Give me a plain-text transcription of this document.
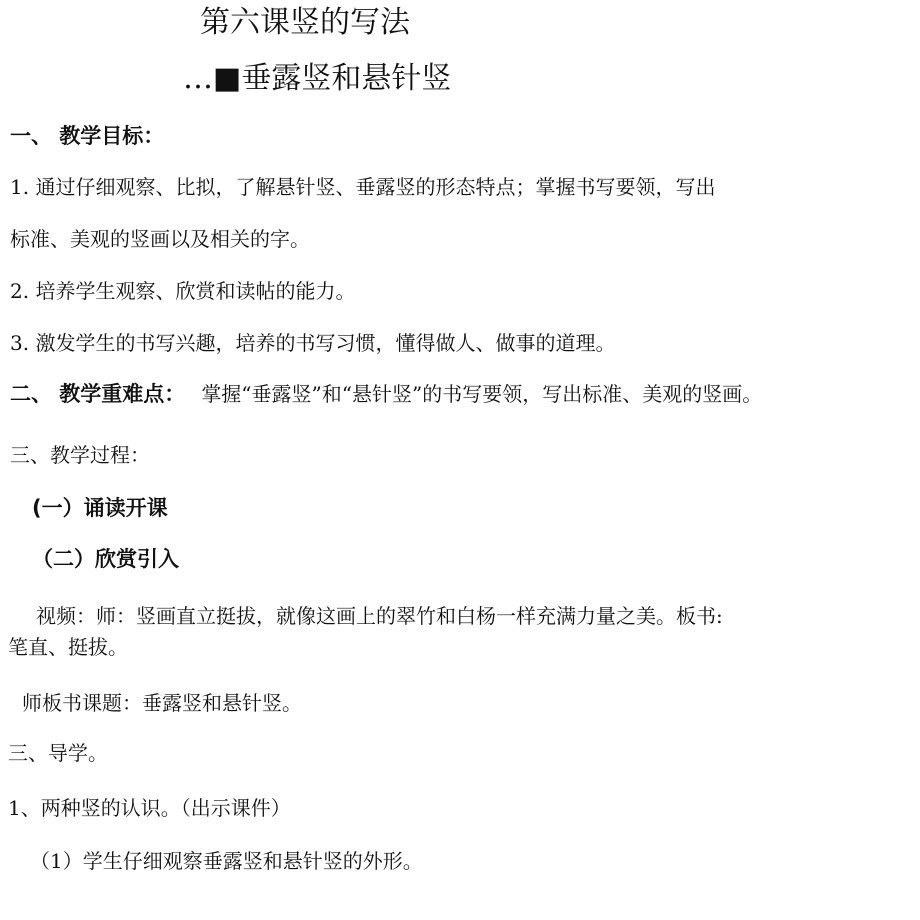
第六课竖的写法
…■垂露竖和悬针竖
一、 教学目标：
1. 通过仔细观察、比拟，了解悬针竖、垂露竖的形态特点；掌握书写要领，写出
标准、美观的竖画以及相关的字。
2. 培养学生观察、欣赏和读帖的能力。
3. 激发学生的书写兴趣，培养的书写习惯，懂得做人、做事的道理。
二、 教学重难点： 掌握“垂露竖”和“悬针竖”的书写要领，写出标准、美观的竖画。
三、教学过程：
(一）诵读开课
（二）欣赏引入
视频：师：竖画直立挺拔，就像这画上的翠竹和白杨一样充满力量之美。板书:
笔直、挺拔。
师板书课题：垂露竖和悬针竖。
三、导学。
1、两种竖的认识。（出示课件）
（1）学生仔细观察垂露竖和悬针竖的外形。
